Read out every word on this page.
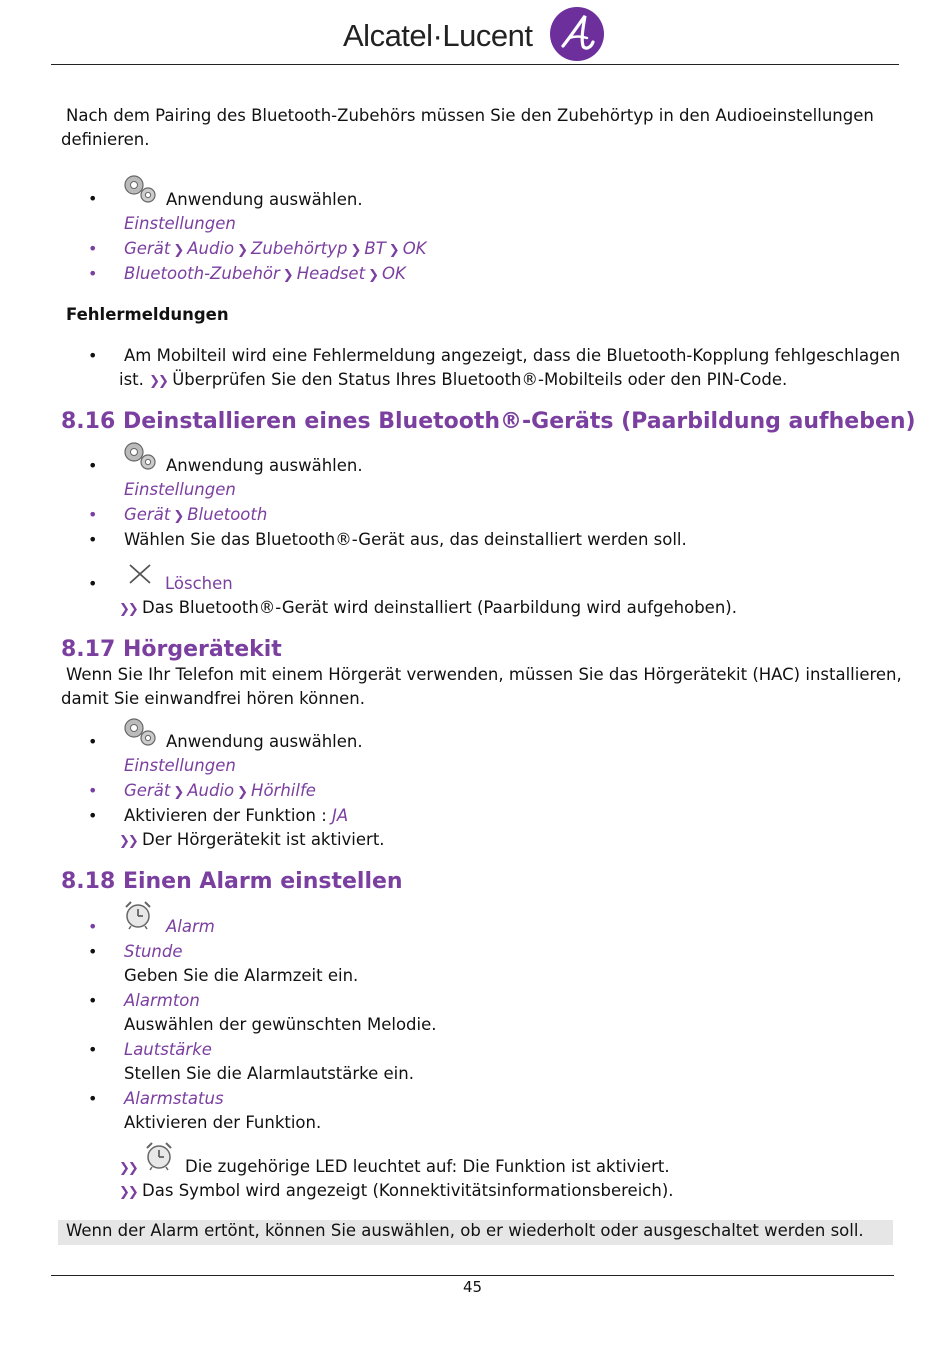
Alcatel·Lucent
Nach dem Pairing des Bluetooth-Zubehörs müssen Sie den Zubehörtyp in den Audioeinstellungen
definieren.
•	Anwendung auswählen.
Einstellungen
• Gerät ❯ Audio ❯ Zubehörtyp ❯ BT ❯ OK
• Bluetooth-Zubehör ❯ Headset ❯ OK
Fehlermeldungen
• Am Mobilteil wird eine Fehlermeldung angezeigt, dass die Bluetooth-Kopplung fehlgeschlagen
ist. ❯❯ Überprüfen Sie den Status Ihres Bluetooth®-Mobilteils oder den PIN-Code.
8.16 Deinstallieren eines Bluetooth®-Geräts (Paarbildung aufheben)
•	Anwendung auswählen.
Einstellungen
• Gerät ❯ Bluetooth
• Wählen Sie das Bluetooth®-Gerät aus, das deinstalliert werden soll.
•	Löschen
❯❯ Das Bluetooth®-Gerät wird deinstalliert (Paarbildung wird aufgehoben).
8.17 Hörgerätekit
Wenn Sie Ihr Telefon mit einem Hörgerät verwenden, müssen Sie das Hörgerätekit (HAC) installieren,
damit Sie einwandfrei hören können.
•	Anwendung auswählen.
Einstellungen
• Gerät ❯ Audio ❯ Hörhilfe
• Aktivieren der Funktion : JA
❯❯ Der Hörgerätekit ist aktiviert.
8.18 Einen Alarm einstellen
•	Alarm
• Stunde
Geben Sie die Alarmzeit ein.
• Alarmton
Auswählen der gewünschten Melodie.
• Lautstärke
Stellen Sie die Alarmlautstärke ein.
• Alarmstatus
Aktivieren der Funktion.
❯❯	Die zugehörige LED leuchtet auf: Die Funktion ist aktiviert.
❯❯ Das Symbol wird angezeigt (Konnektivitätsinformationsbereich).
Wenn der Alarm ertönt, können Sie auswählen, ob er wiederholt oder ausgeschaltet werden soll.
45
